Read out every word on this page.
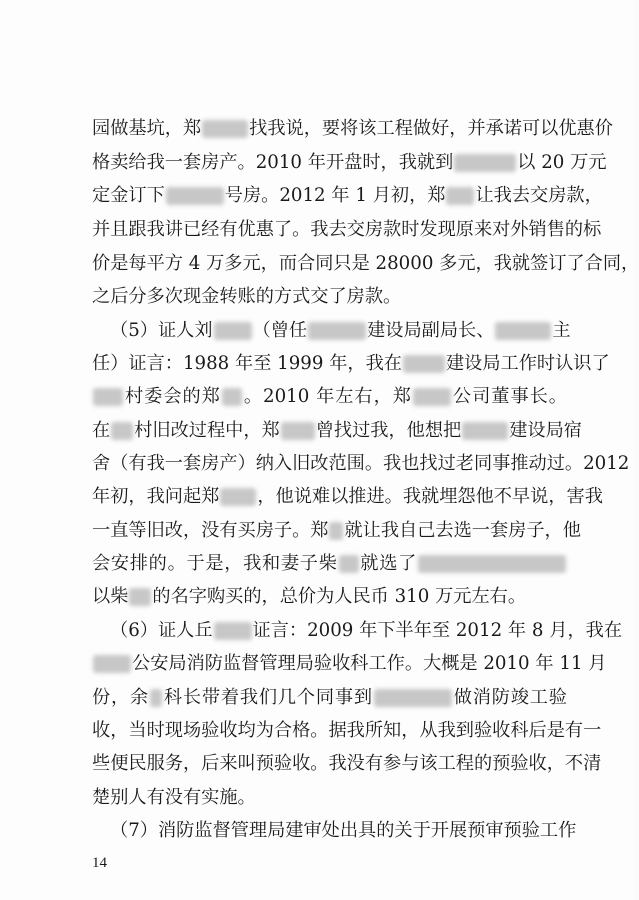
园做基坑，郑	找我说，要将该工程做好，并承诺可以优惠价
格卖给我一套房产。2010 年开盘时，我就到	以 20 万元
定金订下	号房。2012 年 1 月初，郑 让我去交房款，
并且跟我讲已经有优惠了。我去交房款时发现原来对外销售的标
价是每平方 4 万多元，而合同只是 28000 多元，我就签订了合同，
之后分多次现金转账的方式交了房款。
（5）证人刘 （曾任	建设局副局长、	主
任）证言：1988 年至 1999 年，我在 建设局工作时认识了
村委会的郑 。2010 年左右，郑 公司董事长。
在 村旧改过程中，郑 曾找过我，他想把	建设局宿
舍（有我一套房产）纳入旧改范围。我也找过老同事推动过。2012
年初，我问起郑 ，他说难以推进。我就埋怨他不早说，害我
一直等旧改，没有买房子。郑 就让我自己去选一套房子，他
会安排的。于是，我和妻子柴 就选了
以柴 的名字购买的，总价为人民币 310 万元左右。
（6）证人丘 证言：2009 年下半年至 2012 年 8 月，我在
公安局消防监督管理局验收科工作。大概是 2010 年 11 月
份，余 科长带着我们几个同事到	做消防竣工验
收，当时现场验收均为合格。据我所知，从我到验收科后是有一
些便民服务，后来叫预验收。我没有参与该工程的预验收，不清
楚别人有没有实施。
（7）消防监督管理局建审处出具的关于开展预审预验工作
14
